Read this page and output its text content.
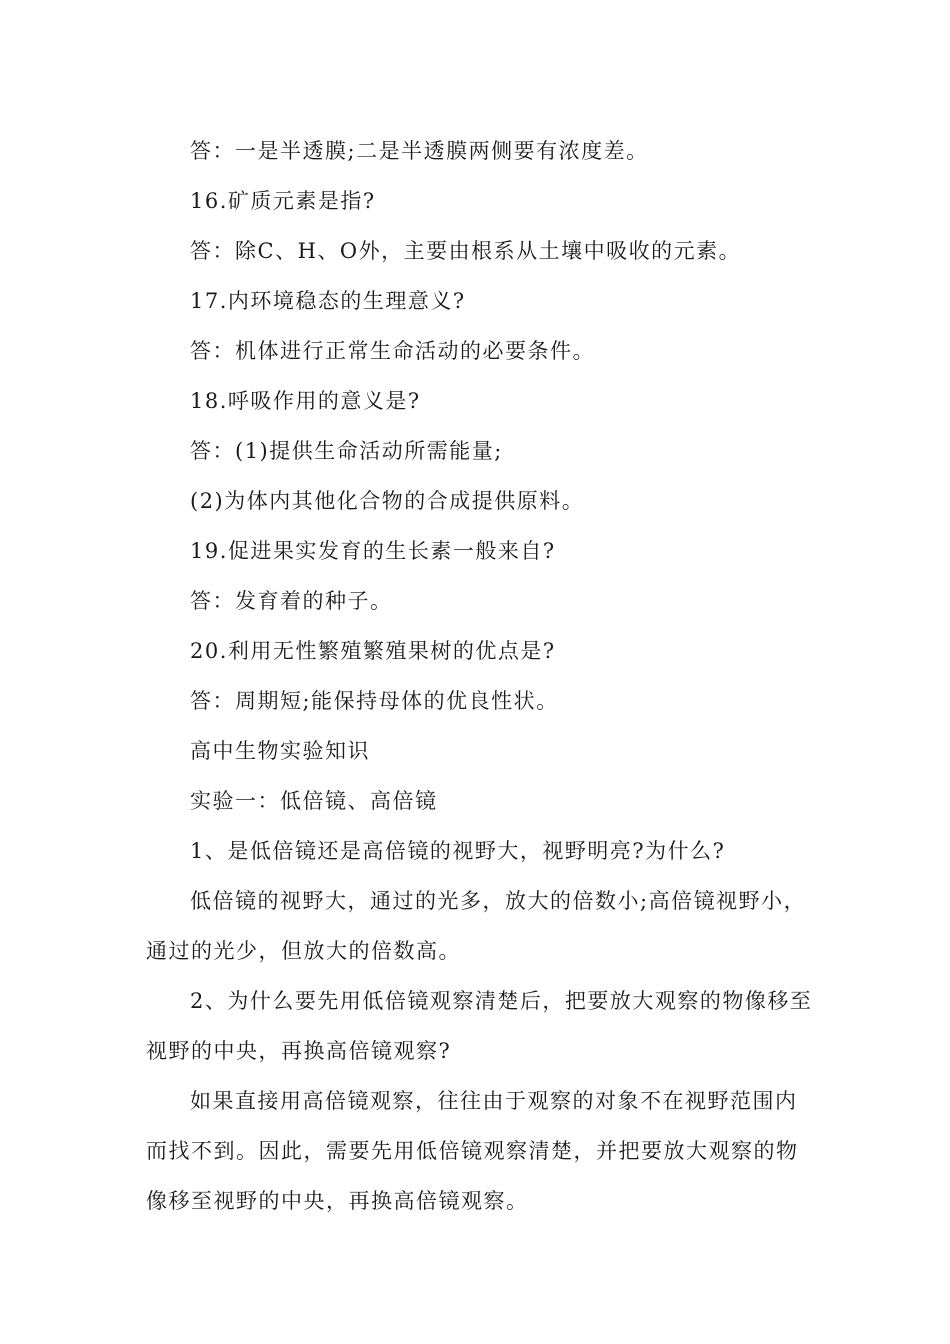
答：一是半透膜;二是半透膜两侧要有浓度差。
16.矿质元素是指?
答：除C、H、O外，主要由根系从土壤中吸收的元素。
17.内环境稳态的生理意义?
答：机体进行正常生命活动的必要条件。
18.呼吸作用的意义是?
答：(1)提供生命活动所需能量;
(2)为体内其他化合物的合成提供原料。
19.促进果实发育的生长素一般来自?
答：发育着的种子。
20.利用无性繁殖繁殖果树的优点是?
答：周期短;能保持母体的优良性状。
高中生物实验知识
实验一：低倍镜、高倍镜
1、是低倍镜还是高倍镜的视野大，视野明亮?为什么?
低倍镜的视野大，通过的光多，放大的倍数小;高倍镜视野小，
通过的光少，但放大的倍数高。
2、为什么要先用低倍镜观察清楚后，把要放大观察的物像移至
视野的中央，再换高倍镜观察?
如果直接用高倍镜观察，往往由于观察的对象不在视野范围内
而找不到。因此，需要先用低倍镜观察清楚，并把要放大观察的物
像移至视野的中央，再换高倍镜观察。
